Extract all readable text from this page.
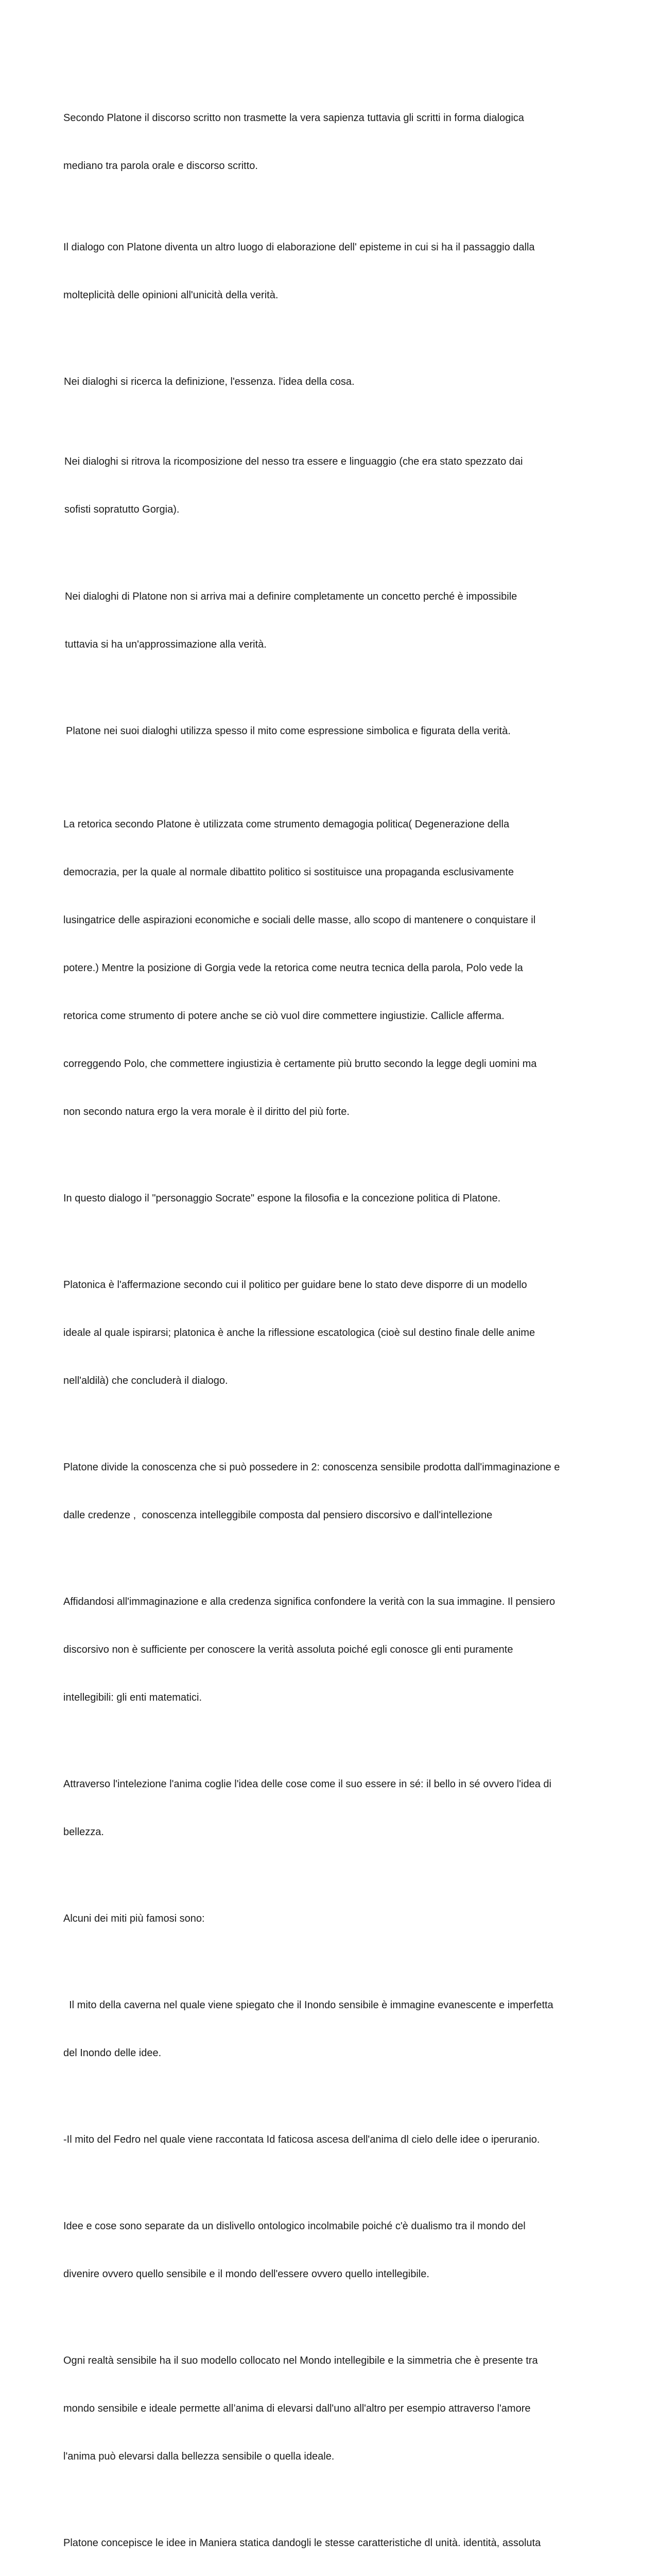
Secondo Platone il discorso scritto non trasmette la vera sapienza tuttavia gli scritti in forma dialogica

mediano tra parola orale e discorso scritto.

Il dialogo con Platone diventa un altro luogo di elaborazione dell' episteme in cui si ha il passaggio dalla

molteplicità delle opinioni all'unicità della verità.

Nei dialoghi si ricerca la definizione, l'essenza. l'idea della cosa.

Nei dialoghi si ritrova la ricomposizione del nesso tra essere e linguaggio (che era stato spezzato dai

sofisti sopratutto Gorgia).

Nei dialoghi di Platone non si arriva mai a definire completamente un concetto perché è impossibile

tuttavia si ha un'approssimazione alla verità.

Platone nei suoi dialoghi utilizza spesso il mito come espressione simbolica e figurata della verità.

La retorica secondo Platone è utilizzata come strumento demagogia politica( Degenerazione della

democrazia, per la quale al normale dibattito politico si sostituisce una propaganda esclusivamente

lusingatrice delle aspirazioni economiche e sociali delle masse, allo scopo di mantenere o conquistare il

potere.) Mentre la posizione di Gorgia vede la retorica come neutra tecnica della parola, Polo vede la

retorica come strumento di potere anche se ciò vuol dire commettere ingiustizie. Callicle afferma.

correggendo Polo, che commettere ingiustizia è certamente più brutto secondo la legge degli uomini ma

non secondo natura ergo la vera morale è il diritto del più forte.

In questo dialogo il "personaggio Socrate" espone la filosofia e la concezione politica di Platone.

Platonica è l'affermazione secondo cui il politico per guidare bene lo stato deve disporre di un modello

ideale al quale ispirarsi; platonica è anche la riflessione escatologica (cioè sul destino finale delle anime

nell'aldilà) che concluderà il dialogo.

Platone divide la conoscenza che si può possedere in 2: conoscenza sensibile prodotta dall'immaginazione e

dalle credenze ,  conoscenza intelleggibile composta dal pensiero discorsivo e dall'intellezione

Affidandosi all'immaginazione e alla credenza significa confondere la verità con la sua immagine. Il pensiero

discorsivo non è sufficiente per conoscere la verità assoluta poiché egli conosce gli enti puramente

intellegibili: gli enti matematici.

Attraverso l'intelezione l'anima coglie l'idea delle cose come il suo essere in sé: il bello in sé ovvero l'idea di

bellezza.

Alcuni dei miti più famosi sono:

Il mito della caverna nel quale viene spiegato che il Inondo sensibile è immagine evanescente e imperfetta

del Inondo delle idee.

-Il mito del Fedro nel quale viene raccontata Id faticosa ascesa dell'anima dl cielo delle idee o iperuranio.

Idee e cose sono separate da un dislivello ontologico incolmabile poiché c'è dualismo tra il mondo del

divenire ovvero quello sensibile e il mondo dell'essere ovvero quello intellegibile.

Ogni realtà sensibile ha il suo modello collocato nel Mondo intellegibile e la simmetria che è presente tra

mondo sensibile e ideale permette all’anima di elevarsi dall'uno all'altro per esempio attraverso l'amore

l'anima può elevarsi dalla bellezza sensibile o quella ideale.

Platone concepisce le idee in Maniera statica dandogli le stesse caratteristiche dl unità. identità, assoluta
